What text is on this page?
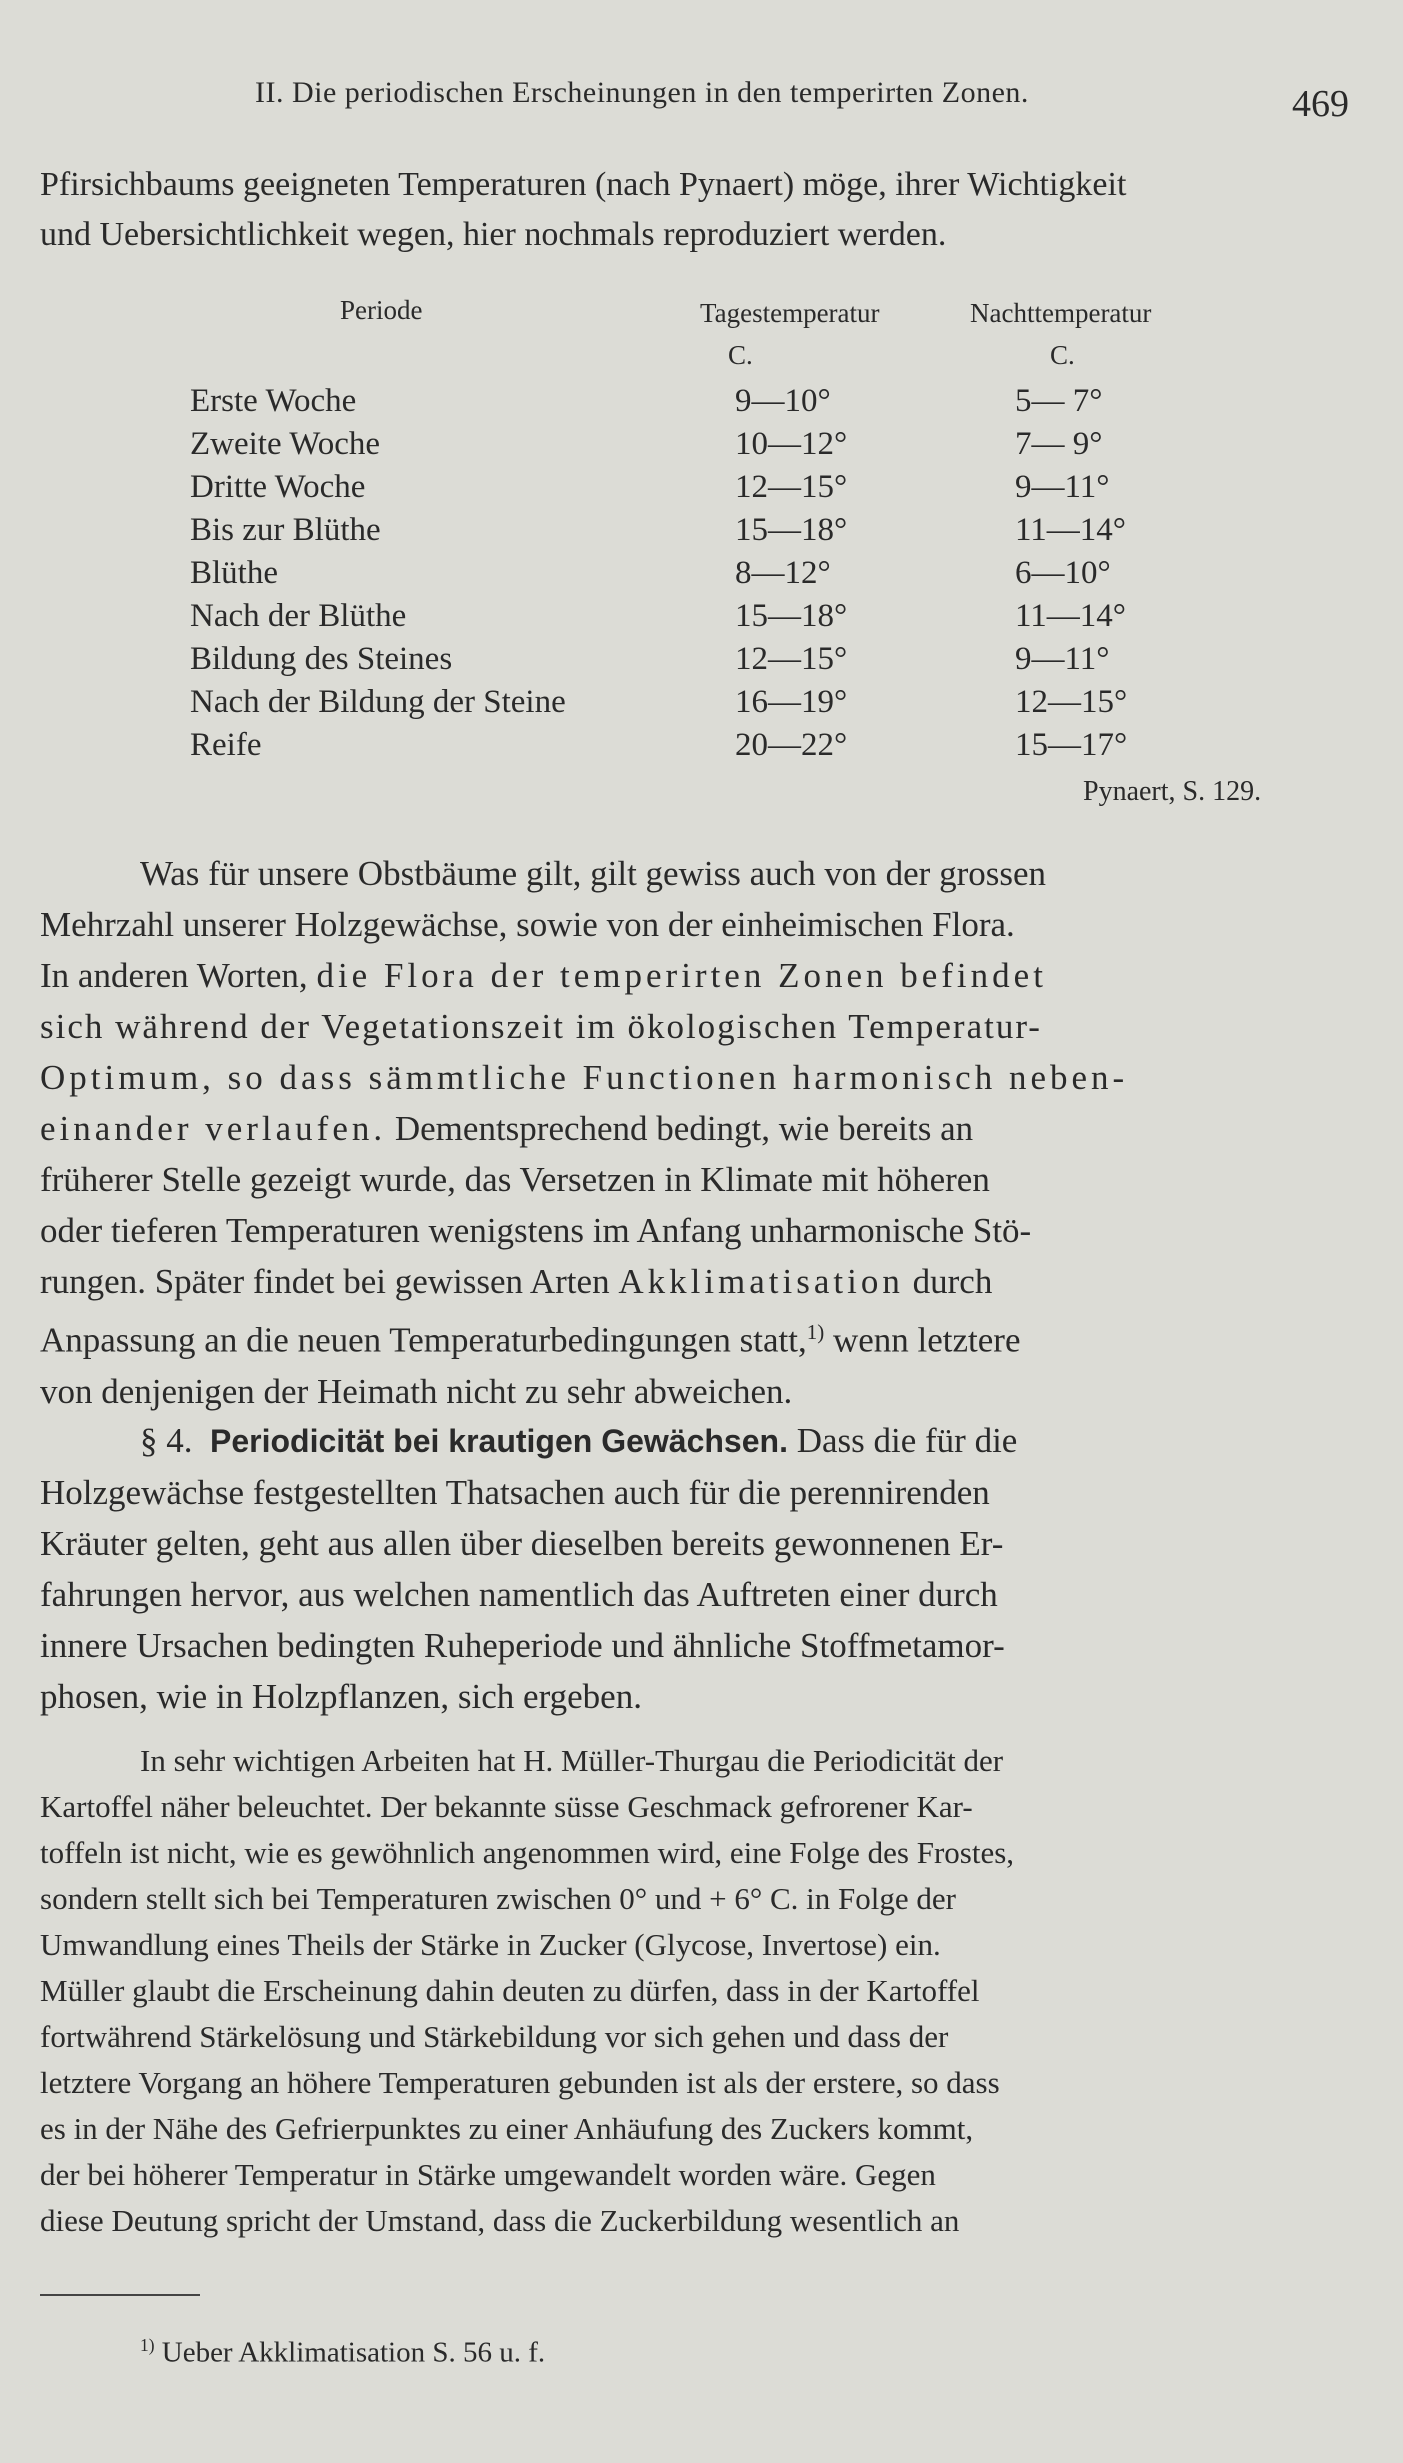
II. Die periodischen Erscheinungen in den temperirten Zonen.	469

Pfirsichbaums geeigneten Temperaturen (nach Pynaert) möge, ihrer Wichtigkeit
und Uebersichtlichkeit wegen, hier nochmals reproduziert werden.

Periode	Tagestemperatur	Nachttemperatur
C.	C.
Erste Woche	9—10°	5— 7°
Zweite Woche	10—12°	7— 9°
Dritte Woche	12—15°	9—11°
Bis zur Blüthe	15—18°	11—14°
Blüthe	8—12°	6—10°
Nach der Blüthe	15—18°	11—14°
Bildung des Steines	12—15°	9—11°
Nach der Bildung der Steine	16—19°	12—15°
Reife	20—22°	15—17°
Pynaert, S. 129.

Was für unsere Obstbäume gilt, gilt gewiss auch von der grossen
Mehrzahl unserer Holzgewächse, sowie von der einheimischen Flora.
In anderen Worten, die Flora der temperirten Zonen befindet
sich während der Vegetationszeit im ökologischen Temperatur-
Optimum, so dass sämmtliche Functionen harmonisch neben-
einander verlaufen. Dementsprechend bedingt, wie bereits an
früherer Stelle gezeigt wurde, das Versetzen in Klimate mit höheren
oder tieferen Temperaturen wenigstens im Anfang unharmonische Stö-
rungen. Später findet bei gewissen Arten Akklimatisation durch
Anpassung an die neuen Temperaturbedingungen statt,$^{1)}$ wenn letztere
von denjenigen der Heimath nicht zu sehr abweichen.

§ 4. Periodicität bei krautigen Gewächsen. Dass die für die
Holzgewächse festgestellten Thatsachen auch für die perennirenden
Kräuter gelten, geht aus allen über dieselben bereits gewonnenen Er-
fahrungen hervor, aus welchen namentlich das Auftreten einer durch
innere Ursachen bedingten Ruheperiode und ähnliche Stoffmetamor-
phosen, wie in Holzpflanzen, sich ergeben.

In sehr wichtigen Arbeiten hat H. Müller-Thurgau die Periodicität der
Kartoffel näher beleuchtet. Der bekannte süsse Geschmack gefrorener Kar-
toffeln ist nicht, wie es gewöhnlich angenommen wird, eine Folge des Frostes,
sondern stellt sich bei Temperaturen zwischen 0° und + 6° C. in Folge der
Umwandlung eines Theils der Stärke in Zucker (Glycose, Invertose) ein.
Müller glaubt die Erscheinung dahin deuten zu dürfen, dass in der Kartoffel
fortwährend Stärkelösung und Stärkebildung vor sich gehen und dass der
letztere Vorgang an höhere Temperaturen gebunden ist als der erstere, so dass
es in der Nähe des Gefrierpunktes zu einer Anhäufung des Zuckers kommt,
der bei höherer Temperatur in Stärke umgewandelt worden wäre. Gegen
diese Deutung spricht der Umstand, dass die Zuckerbildung wesentlich an

$^{1)}$ Ueber Akklimatisation S. 56 u. f.
